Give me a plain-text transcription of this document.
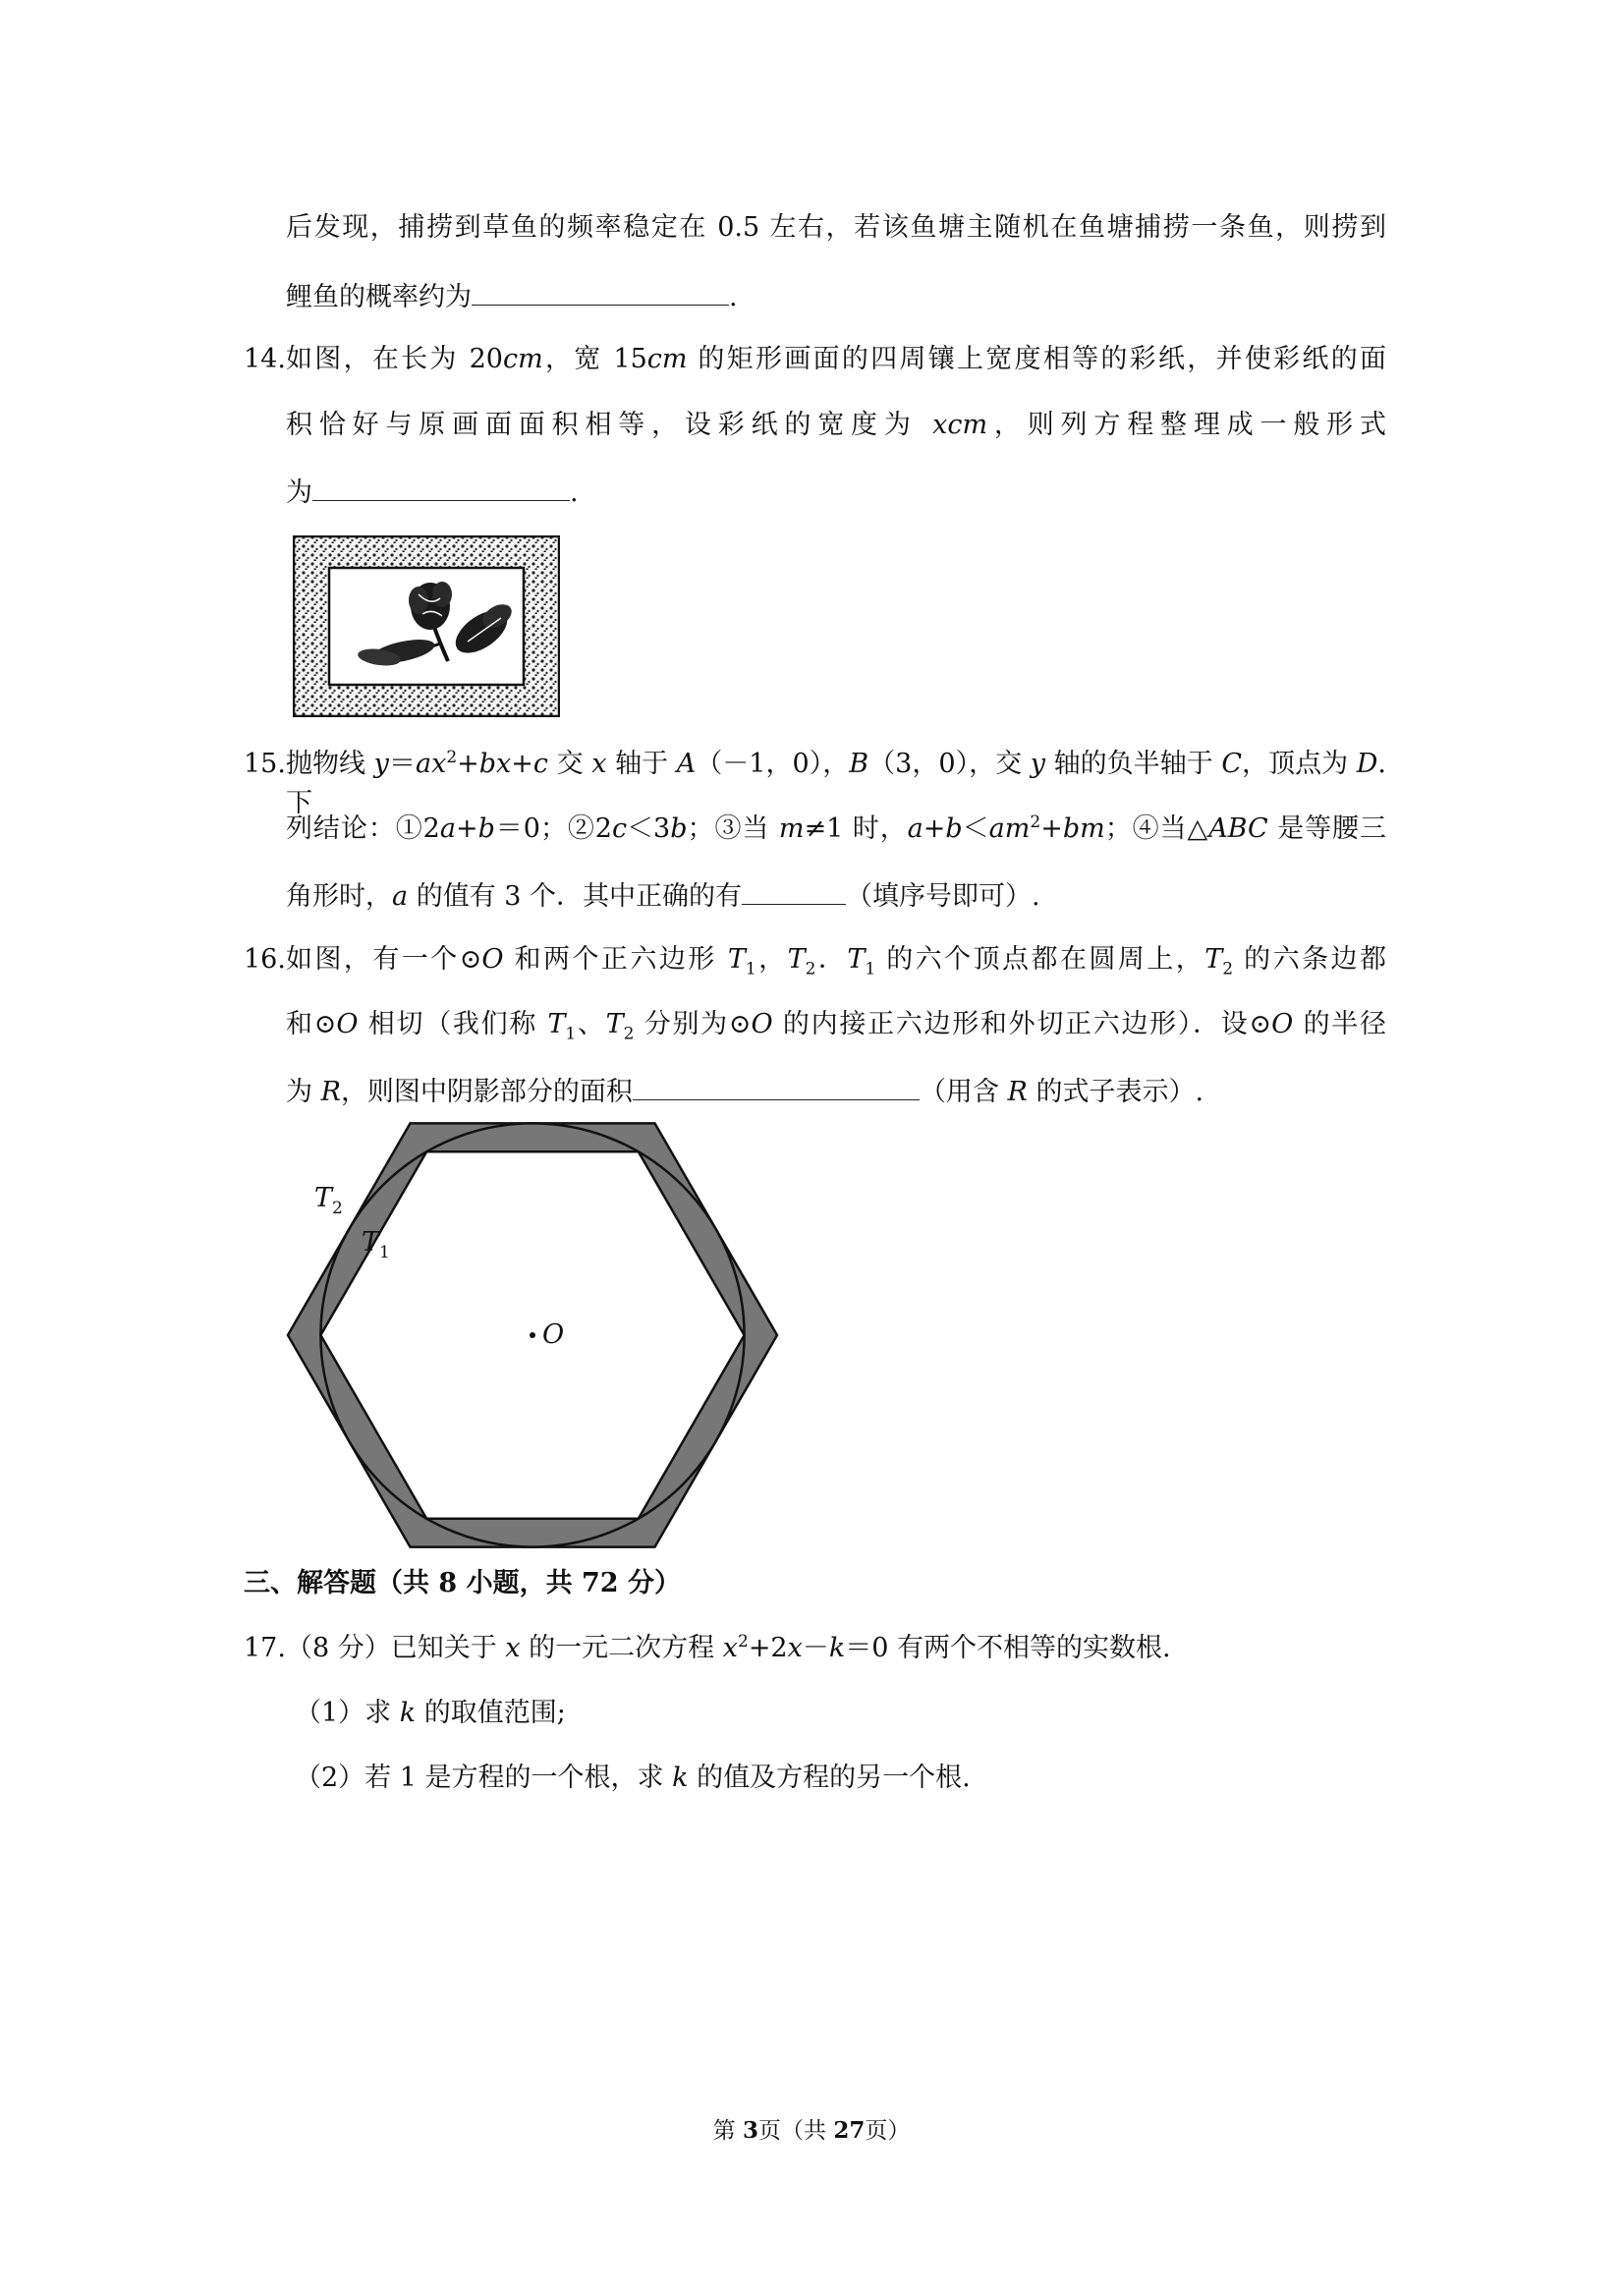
后发现，捕捞到草鱼的频率稳定在 0.5 左右，若该鱼塘主随机在鱼塘捕捞一条鱼，则捞到
鲤鱼的概率约为	.
14. 如图，在长为 20cm，宽 15cm 的矩形画面的四周镶上宽度相等的彩纸，并使彩纸的面
积恰好与原画面面积相等，设彩纸的宽度为 xcm，则列方程整理成一般形式
为	.
15. 抛物线 $y=ax^2+bx+c$ 交 x 轴于 A（－1，0），B（3，0），交 y 轴的负半轴于 C，顶点为 D.下
列结论：①2a+b＝0；②2c＜3b；③当 m≠1 时，$a+b<am^2+bm$；④当△ABC 是等腰三
角形时，a 的值有 3 个．其中正确的有	（填序号即可）.
16. 如图，有一个⊙O 和两个正六边形 $T_1$，$T_2$．$T_1$ 的六个顶点都在圆周上，$T_2$ 的六条边都
和⊙O 相切（我们称 $T_1$、$T_2$ 分别为⊙O 的内接正六边形和外切正六边形）．设⊙O 的半径
为 R，则图中阴影部分的面积	（用含 R 的式子表示）.
O
$T_2$
$T_1$
三、解答题（共 8 小题，共 72 分）
17. （8 分）已知关于 x 的一元二次方程 $x^2+2x-k=0$ 有两个不相等的实数根.
（1）求 k 的取值范围;
（2）若 1 是方程的一个根，求 k 的值及方程的另一个根.
第 3页（共 27页）
